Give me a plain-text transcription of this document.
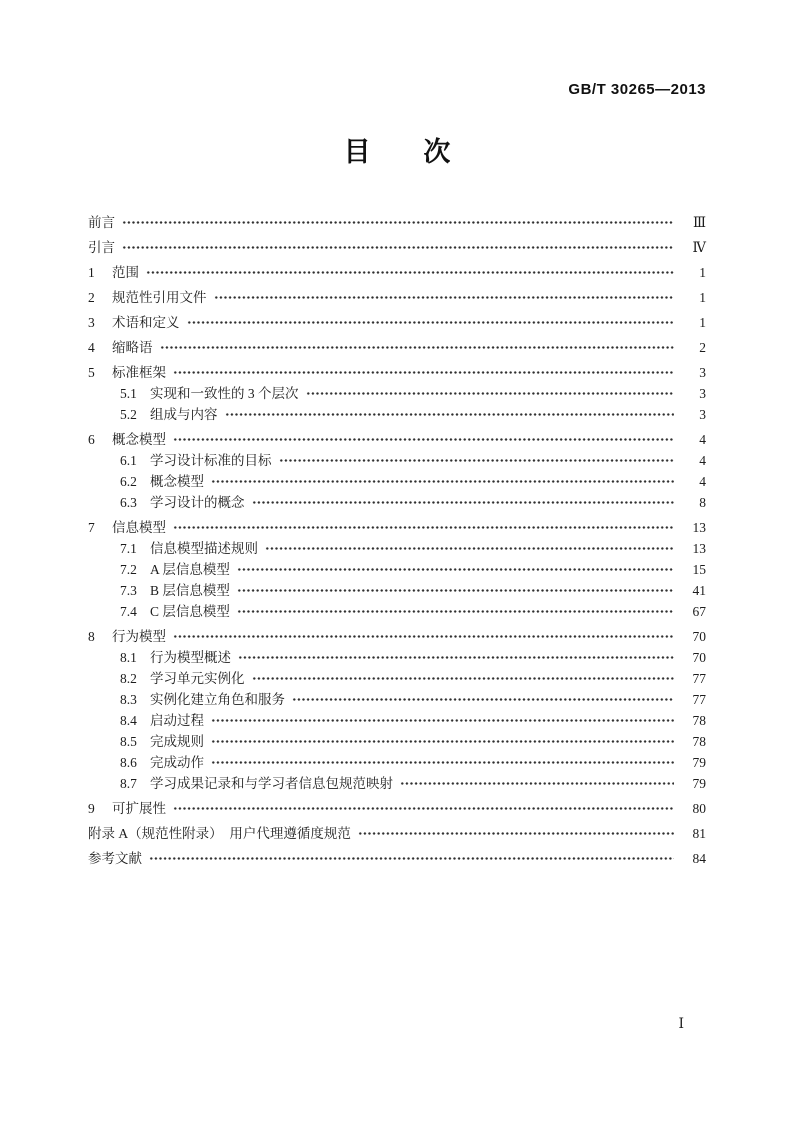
GB/T 30265—2013
目 次
前言	Ⅲ
引言	Ⅳ
1	范围	1
2	规范性引用文件	1
3	术语和定义	1
4	缩略语	2
5	标准框架	3
5.1 实现和一致性的 3 个层次	3
5.2 组成与内容	3
6	概念模型	4
6.1 学习设计标准的目标	4
6.2 概念模型	4
6.3 学习设计的概念	8
7	信息模型	13
7.1 信息模型描述规则	13
7.2 A 层信息模型	15
7.3 B 层信息模型	41
7.4 C 层信息模型	67
8	行为模型	70
8.1 行为模型概述	70
8.2 学习单元实例化	77
8.3 实例化建立角色和服务	77
8.4 启动过程	78
8.5 完成规则	78
8.6 完成动作	79
8.7 学习成果记录和与学习者信息包规范映射	79
9	可扩展性	80
附录 A（规范性附录）  用户代理遵循度规范	81
参考文献	84
Ⅰ
